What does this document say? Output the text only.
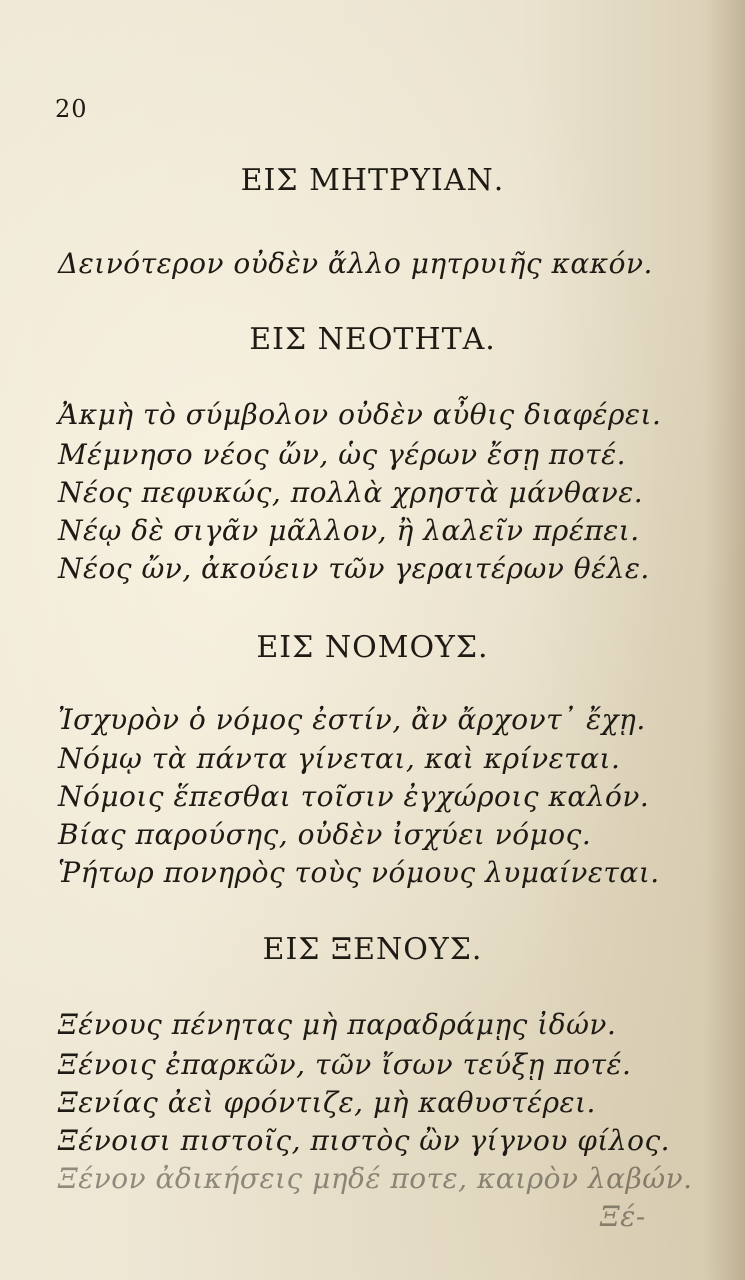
20
ΕΙΣ ΜΗΤΡΥΙΑΝ.
Δεινότερον οὐδὲν ἄλλο μητρυιῆς κακόν.
ΕΙΣ ΝΕΟΤΗΤΑ.
Ἀκμὴ τὸ σύμβολον οὐδὲν αὖθις διαφέρει.
Μέμνησο νέος ὤν, ὡς γέρων ἔσῃ ποτέ.
Νέος πεφυκώς, πολλὰ χρηστὰ μάνθανε.
Νέῳ δὲ σιγᾶν μᾶλλον, ἢ λαλεῖν πρέπει.
Νέος ὤν, ἀκούειν τῶν γεραιτέρων θέλε.
ΕΙΣ ΝΟΜΟΥΣ.
Ἰσχυρὸν ὁ νόμος ἐστίν, ἂν ἄρχοντ᾽ ἔχῃ.
Νόμῳ τὰ πάντα γίνεται, καὶ κρίνεται.
Νόμοις ἕπεσθαι τοῖσιν ἐγχώροις καλόν.
Βίας παρούσης, οὐδὲν ἰσχύει νόμος.
Ῥήτωρ πονηρὸς τοὺς νόμους λυμαίνεται.
ΕΙΣ ΞΕΝΟΥΣ.
Ξένους πένητας μὴ παραδράμῃς ἰδών.
Ξένοις ἐπαρκῶν, τῶν ἴσων τεύξῃ ποτέ.
Ξενίας ἀεὶ φρόντιζε, μὴ καθυστέρει.
Ξένοισι πιστοῖς, πιστὸς ὢν γίγνου φίλος.
Ξένον ἀδικήσεις μηδέ ποτε, καιρὸν λαβών.
Ξέ-
